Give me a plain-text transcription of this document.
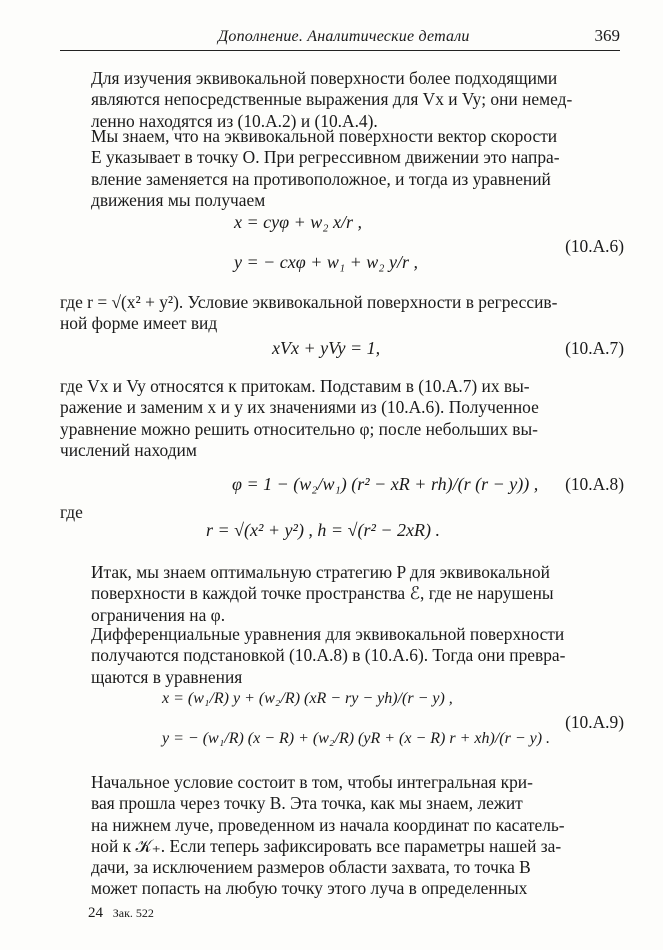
Дополнение. Аналитические детали	369
Для изучения эквивокальной поверхности более подходящими
являются непосредственные выражения для Vx и Vy; они немед-
ленно находятся из (10.А.2) и (10.А.4).
Мы знаем, что на эквивокальной поверхности вектор скорости
E указывает в точку O. При регрессивном движении это напра-
вление заменяется на противоположное, и тогда из уравнений
движения мы получаем
x = cyφ + w₂ x/r ,
y = − cxφ + w₁ + w₂ y/r ,
(10.А.6)
где r = √(x² + y²). Условие эквивокальной поверхности в регрессив-
ной форме имеет вид
xVx + yVy = 1,	(10.А.7)
где Vx и Vy относятся к притокам. Подставим в (10.А.7) их вы-
ражение и заменим x и y их значениями из (10.А.6). Полученное
уравнение можно решить относительно φ; после небольших вы-
числений находим
φ = 1 − (w₂/w₁) (r² − xR + rh)/(r (r − y)) ,	(10.А.8)
где
r = √(x² + y²) , h = √(r² − 2xR) .
Итак, мы знаем оптимальную стратегию P для эквивокальной
поверхности в каждой точке пространства ℰ, где не нарушены
ограничения на φ.
Дифференциальные уравнения для эквивокальной поверхности
получаются подстановкой (10.А.8) в (10.А.6). Тогда они превра-
щаются в уравнения
x = (w₁/R) y + (w₂/R) (xR − ry − yh)/(r − y) ,
y = − (w₁/R) (x − R) + (w₂/R) (yR + (x − R) r + xh)/(r − y) .
(10.А.9)
Начальное условие состоит в том, чтобы интегральная кри-
вая прошла через точку B. Эта точка, как мы знаем, лежит
на нижнем луче, проведенном из начала координат по касатель-
ной к 𝒦₊. Если теперь зафиксировать все параметры нашей за-
дачи, за исключением размеров области захвата, то точка B
может попасть на любую точку этого луча в определенных
24 Зак. 522
